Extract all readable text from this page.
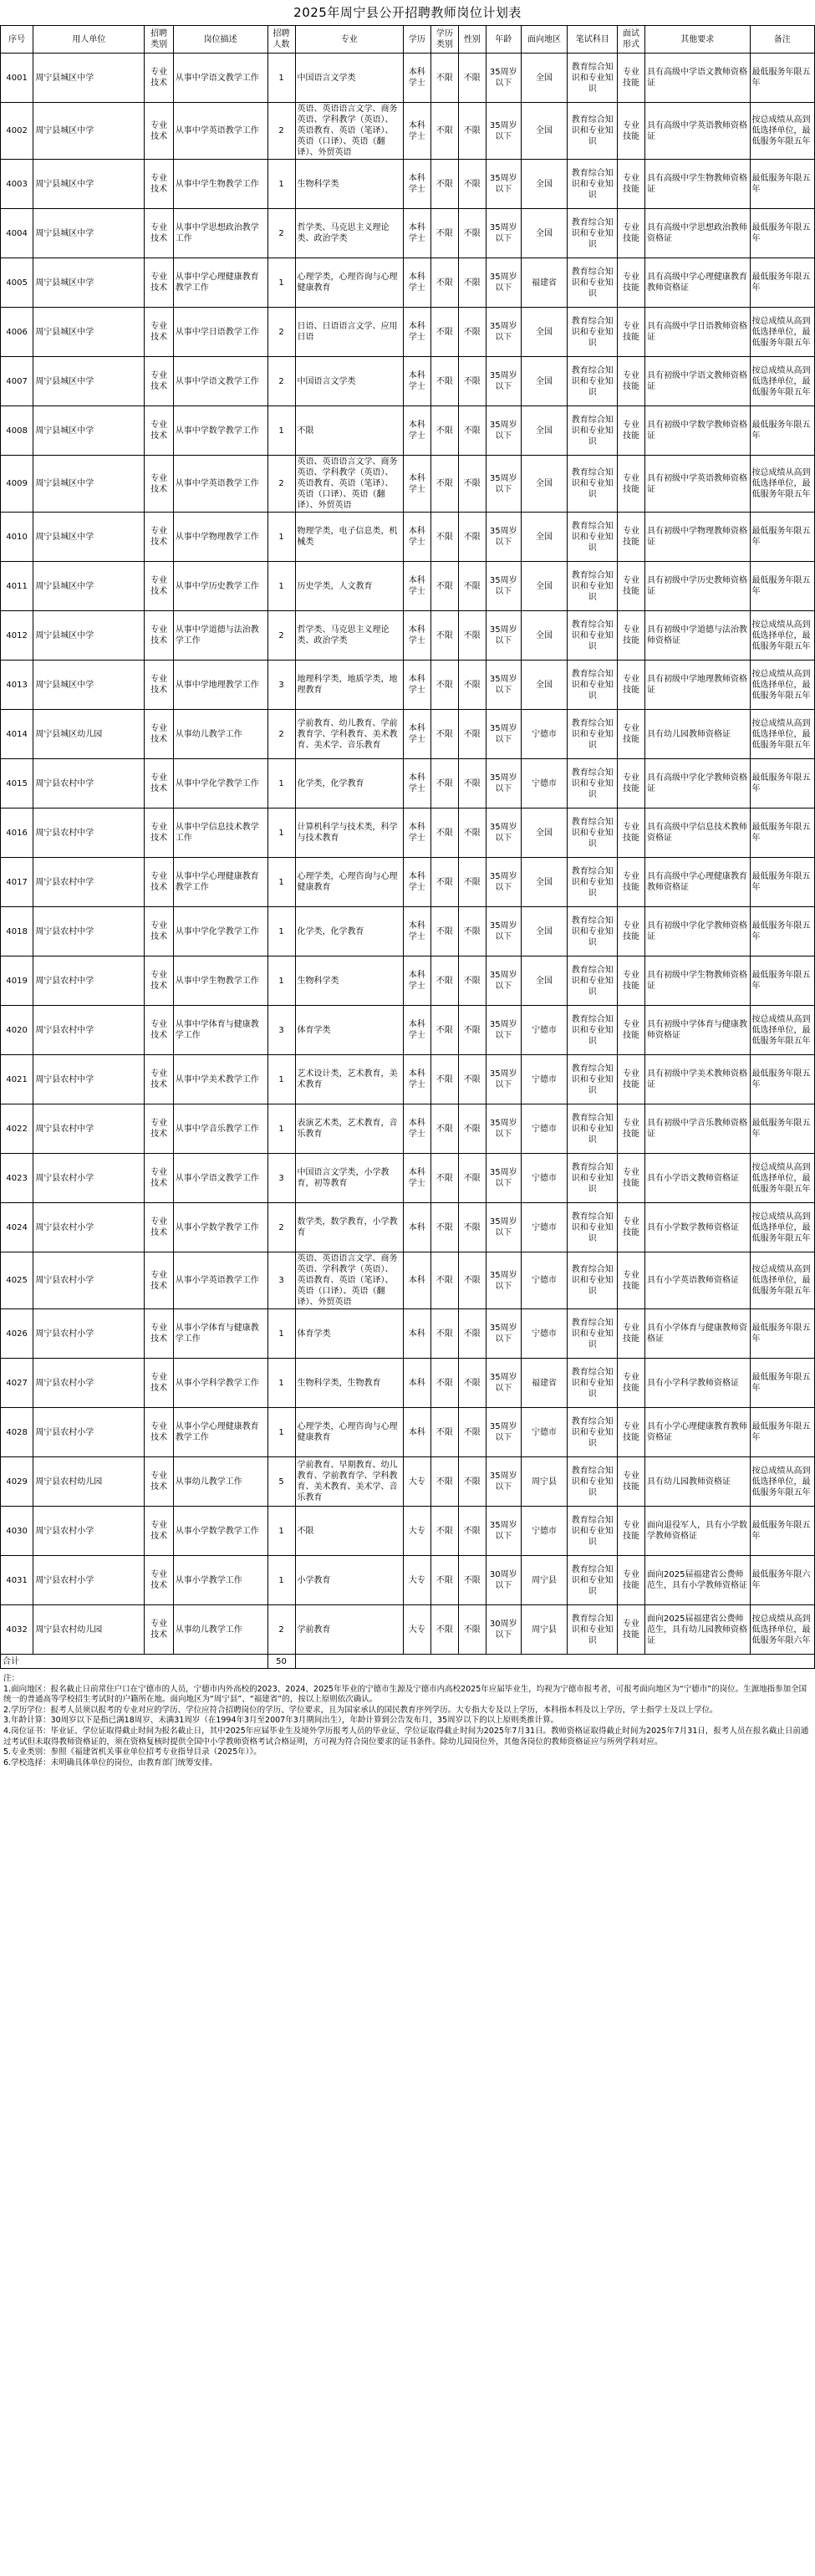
2025年周宁县公开招聘教师岗位计划表
序号	用人单位	招聘类别	岗位描述	招聘人数	专业	学历	学历类别	性别	年龄	面向地区	笔试科目	面试形式	其他要求	备注
4001	周宁县城区中学	专业技术	从事中学语文教学工作	1	中国语言文学类	本科学士	不限	不限	35周岁以下	全国	教育综合知识和专业知识	专业技能	具有高级中学语文教师资格证	最低服务年限五年
4002	周宁县城区中学	专业技术	从事中学英语教学工作	2	英语、英语语言文学、商务英语、学科教学（英语）、英语教育、英语（笔译）、英语（口译）、英语（翻译）、外贸英语	本科学士	不限	不限	35周岁以下	全国	教育综合知识和专业知识	专业技能	具有高级中学英语教师资格证	按总成绩从高到低选择单位，最低服务年限五年
4003	周宁县城区中学	专业技术	从事中学生物教学工作	1	生物科学类	本科学士	不限	不限	35周岁以下	全国	教育综合知识和专业知识	专业技能	具有高级中学生物教师资格证	最低服务年限五年
4004	周宁县城区中学	专业技术	从事中学思想政治教学工作	2	哲学类、马克思主义理论类、政治学类	本科学士	不限	不限	35周岁以下	全国	教育综合知识和专业知识	专业技能	具有高级中学思想政治教师资格证	最低服务年限五年
4005	周宁县城区中学	专业技术	从事中学心理健康教育教学工作	1	心理学类，心理咨询与心理健康教育	本科学士	不限	不限	35周岁以下	福建省	教育综合知识和专业知识	专业技能	具有高级中学心理健康教育教师资格证	最低服务年限五年
4006	周宁县城区中学	专业技术	从事中学日语教学工作	2	日语、日语语言文学、应用日语	本科学士	不限	不限	35周岁以下	全国	教育综合知识和专业知识	专业技能	具有高级中学日语教师资格证	按总成绩从高到低选择单位，最低服务年限五年
4007	周宁县城区中学	专业技术	从事中学语文教学工作	2	中国语言文学类	本科学士	不限	不限	35周岁以下	全国	教育综合知识和专业知识	专业技能	具有初级中学语文教师资格证	按总成绩从高到低选择单位，最低服务年限五年
4008	周宁县城区中学	专业技术	从事中学数学教学工作	1	不限	本科学士	不限	不限	35周岁以下	全国	教育综合知识和专业知识	专业技能	具有初级中学数学教师资格证	最低服务年限五年
4009	周宁县城区中学	专业技术	从事中学英语教学工作	2	英语、英语语言文学、商务英语、学科教学（英语）、英语教育、英语（笔译）、英语（口译）、英语（翻译）、外贸英语	本科学士	不限	不限	35周岁以下	全国	教育综合知识和专业知识	专业技能	具有初级中学英语教师资格证	按总成绩从高到低选择单位，最低服务年限五年
4010	周宁县城区中学	专业技术	从事中学物理教学工作	1	物理学类，电子信息类，机械类	本科学士	不限	不限	35周岁以下	全国	教育综合知识和专业知识	专业技能	具有初级中学物理教师资格证	最低服务年限五年
4011	周宁县城区中学	专业技术	从事中学历史教学工作	1	历史学类，人文教育	本科学士	不限	不限	35周岁以下	全国	教育综合知识和专业知识	专业技能	具有初级中学历史教师资格证	最低服务年限五年
4012	周宁县城区中学	专业技术	从事中学道德与法治教学工作	2	哲学类、马克思主义理论类、政治学类	本科学士	不限	不限	35周岁以下	全国	教育综合知识和专业知识	专业技能	具有初级中学道德与法治教师资格证	按总成绩从高到低选择单位，最低服务年限五年
4013	周宁县城区中学	专业技术	从事中学地理教学工作	3	地理科学类，地质学类，地理教育	本科学士	不限	不限	35周岁以下	全国	教育综合知识和专业知识	专业技能	具有初级中学地理教师资格证	按总成绩从高到低选择单位，最低服务年限五年
4014	周宁县城区幼儿园	专业技术	从事幼儿教学工作	2	学前教育、幼儿教育、学前教育学、学科教育、美术教育、美术学、音乐教育	本科学士	不限	不限	35周岁以下	宁德市	教育综合知识和专业知识	专业技能	具有幼儿园教师资格证	按总成绩从高到低选择单位，最低服务年限五年
4015	周宁县农村中学	专业技术	从事中学化学教学工作	1	化学类，化学教育	本科学士	不限	不限	35周岁以下	宁德市	教育综合知识和专业知识	专业技能	具有高级中学化学教师资格证	最低服务年限五年
4016	周宁县农村中学	专业技术	从事中学信息技术教学工作	1	计算机科学与技术类，科学与技术教育	本科学士	不限	不限	35周岁以下	全国	教育综合知识和专业知识	专业技能	具有高级中学信息技术教师资格证	最低服务年限五年
4017	周宁县农村中学	专业技术	从事中学心理健康教育教学工作	1	心理学类，心理咨询与心理健康教育	本科学士	不限	不限	35周岁以下	全国	教育综合知识和专业知识	专业技能	具有高级中学心理健康教育教师资格证	最低服务年限五年
4018	周宁县农村中学	专业技术	从事中学化学教学工作	1	化学类，化学教育	本科学士	不限	不限	35周岁以下	全国	教育综合知识和专业知识	专业技能	具有初级中学化学教师资格证	最低服务年限五年
4019	周宁县农村中学	专业技术	从事中学生物教学工作	1	生物科学类	本科学士	不限	不限	35周岁以下	全国	教育综合知识和专业知识	专业技能	具有初级中学生物教师资格证	最低服务年限五年
4020	周宁县农村中学	专业技术	从事中学体育与健康教学工作	3	体育学类	本科学士	不限	不限	35周岁以下	宁德市	教育综合知识和专业知识	专业技能	具有初级中学体育与健康教师资格证	按总成绩从高到低选择单位，最低服务年限五年
4021	周宁县农村中学	专业技术	从事中学美术教学工作	1	艺术设计类，艺术教育，美术教育	本科学士	不限	不限	35周岁以下	宁德市	教育综合知识和专业知识	专业技能	具有初级中学美术教师资格证	最低服务年限五年
4022	周宁县农村中学	专业技术	从事中学音乐教学工作	1	表演艺术类，艺术教育，音乐教育	本科学士	不限	不限	35周岁以下	宁德市	教育综合知识和专业知识	专业技能	具有初级中学音乐教师资格证	最低服务年限五年
4023	周宁县农村小学	专业技术	从事小学语文教学工作	3	中国语言文学类，小学教育，初等教育	本科学士	不限	不限	35周岁以下	宁德市	教育综合知识和专业知识	专业技能	具有小学语文教师资格证	按总成绩从高到低选择单位，最低服务年限五年
4024	周宁县农村小学	专业技术	从事小学数学教学工作	2	数学类，数学教育，小学教育	本科	不限	不限	35周岁以下	宁德市	教育综合知识和专业知识	专业技能	具有小学数学教师资格证	按总成绩从高到低选择单位，最低服务年限五年
4025	周宁县农村小学	专业技术	从事小学英语教学工作	3	英语、英语语言文学、商务英语、学科教学（英语）、英语教育、英语（笔译）、英语（口译）、英语（翻译）、外贸英语	本科	不限	不限	35周岁以下	宁德市	教育综合知识和专业知识	专业技能	具有小学英语教师资格证	按总成绩从高到低选择单位，最低服务年限五年
4026	周宁县农村小学	专业技术	从事小学体育与健康教学工作	1	体育学类	本科	不限	不限	35周岁以下	宁德市	教育综合知识和专业知识	专业技能	具有小学体育与健康教师资格证	最低服务年限五年
4027	周宁县农村小学	专业技术	从事小学科学教学工作	1	生物科学类，生物教育	本科	不限	不限	35周岁以下	福建省	教育综合知识和专业知识	专业技能	具有小学科学教师资格证	最低服务年限五年
4028	周宁县农村小学	专业技术	从事小学心理健康教育教学工作	1	心理学类，心理咨询与心理健康教育	本科	不限	不限	35周岁以下	宁德市	教育综合知识和专业知识	专业技能	具有小学心理健康教育教师资格证	最低服务年限五年
4029	周宁县农村幼儿园	专业技术	从事幼儿教学工作	5	学前教育、早期教育、幼儿教育、学前教育学、学科教育、美术教育、美术学、音乐教育	大专	不限	不限	35周岁以下	周宁县	教育综合知识和专业知识	专业技能	具有幼儿园教师资格证	按总成绩从高到低选择单位，最低服务年限五年
4030	周宁县农村小学	专业技术	从事小学数学教学工作	1	不限	大专	不限	不限	35周岁以下	宁德市	教育综合知识和专业知识	专业技能	面向退役军人，具有小学数学教师资格证	最低服务年限五年
4031	周宁县农村小学	专业技术	从事小学教学工作	1	小学教育	大专	不限	不限	30周岁以下	周宁县	教育综合知识和专业知识	专业技能	面向2025届福建省公费师范生，具有小学教师资格证	最低服务年限六年
4032	周宁县农村幼儿园	专业技术	从事幼儿教学工作	2	学前教育	大专	不限	不限	30周岁以下	周宁县	教育综合知识和专业知识	专业技能	面向2025届福建省公费师范生，具有幼儿园教师资格证	按总成绩从高到低选择单位，最低服务年限六年
合计				50										

注：

1.面向地区：报名截止日前常住户口在宁德市的人员，宁德市内外高校的2023、2024、2025年毕业的宁德市生源及宁德市内高校2025年应届毕业生，均视为宁德市报考者，可报考面向地区为“宁德市”的岗位。生源地指参加全国统一的普通高等学校招生考试时的户籍所在地。面向地区为“周宁县”、“福建省”的，按以上原则依次确认。

2.学历学位：报考人员须以报考的专业对应的学历、学位应符合招聘岗位的学历、学位要求，且为国家承认的国民教育序列学历。大专指大专及以上学历，本科指本科及以上学历，学士指学士及以上学位。

3.年龄计算：30周岁以下是指已满18周岁、未满31周岁（在1994年3月至2007年3月期间出生），年龄计算到公告发布月，35周岁以下的以上原则类推计算。

4.岗位证书：毕业证、学位证取得截止时间为报名截止日，其中2025年应届毕业生及境外学历报考人员的毕业证、学位证取得截止时间为2025年7月31日。教师资格证取得截止时间为2025年7月31日，报考人员在报名截止日前通过考试但未取得教师资格证的，须在资格复核时提供全国中小学教师资格考试合格证明，方可视为符合岗位要求的证书条件。除幼儿园岗位外，其他各岗位的教师资格证应与所列学科对应。

5.专业类别：参照《福建省机关事业单位招考专业指导目录（2025年）》。

6.学校选择：未明确具体单位的岗位，由教育部门统筹安排。
